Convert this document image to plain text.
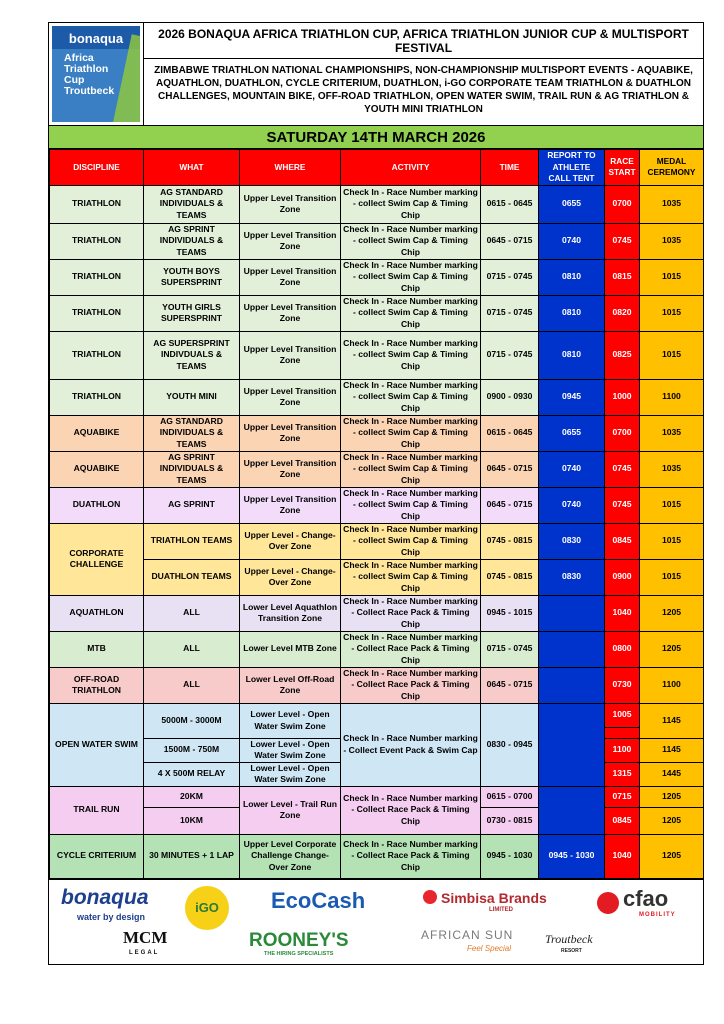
bonaqua
Africa
Triathlon
Cup
Troutbeck
2026 BONAQUA AFRICA TRIATHLON CUP, AFRICA TRIATHLON JUNIOR CUP & MULTISPORT FESTIVAL
ZIMBABWE TRIATHLON NATIONAL CHAMPIONSHIPS, NON-CHAMPIONSHIP MULTISPORT EVENTS - AQUABIKE, AQUATHLON, DUATHLON, CYCLE CRITERIUM, DUATHLON, i-GO CORPORATE TEAM TRIATHLON & DUATHLON CHALLENGES, MOUNTAIN BIKE, OFF-ROAD TRIATHLON, OPEN WATER SWIM, TRAIL RUN & AG TRIATHLON & YOUTH MINI TRIATHLON
SATURDAY 14TH MARCH 2026
DISCIPLINE	WHAT	WHERE	ACTIVITY	TIME	REPORT TO ATHLETE CALL TENT	RACE START	MEDAL CEREMONY
TRIATHLON	AG STANDARD INDIVIDUALS & TEAMS	Upper Level Transition Zone	Check In - Race Number marking - collect Swim Cap & Timing Chip	0615 - 0645	0655	0700	1035
TRIATHLON	AG SPRINT INDIVIDUALS & TEAMS	Upper Level Transition Zone	Check In - Race Number marking - collect Swim Cap & Timing Chip	0645 - 0715	0740	0745	1035
TRIATHLON	YOUTH BOYS SUPERSPRINT	Upper Level Transition Zone	Check In - Race Number marking - collect Swim Cap & Timing Chip	0715 - 0745	0810	0815	1015
TRIATHLON	YOUTH GIRLS SUPERSPRINT	Upper Level Transition Zone	Check In - Race Number marking - collect Swim Cap & Timing Chip	0715 - 0745	0810	0820	1015
TRIATHLON	AG SUPERSPRINT INDIVDUALS & TEAMS	Upper Level Transition Zone	Check In - Race Number marking - collect Swim Cap & Timing Chip	0715 - 0745	0810	0825	1015
TRIATHLON	YOUTH MINI	Upper Level Transition Zone	Check In - Race Number marking - collect Swim Cap & Timing Chip	0900 - 0930	0945	1000	1100
AQUABIKE	AG STANDARD INDIVIDUALS & TEAMS	Upper Level Transition Zone	Check In - Race Number marking - collect Swim Cap & Timing Chip	0615 - 0645	0655	0700	1035
AQUABIKE	AG SPRINT INDIVIDUALS & TEAMS	Upper Level Transition Zone	Check In - Race Number marking - collect Swim Cap & Timing Chip	0645 - 0715	0740	0745	1035
DUATHLON	AG SPRINT	Upper Level Transition Zone	Check In - Race Number marking - collect Swim Cap & Timing Chip	0645 - 0715	0740	0745	1015
CORPORATE CHALLENGE	TRIATHLON TEAMS	Upper Level - Change-Over Zone	Check In - Race Number marking - collect Swim Cap & Timing Chip	0745 - 0815	0830	0845	1015
	DUATHLON TEAMS	Upper Level - Change-Over Zone	Check In - Race Number marking - collect Swim Cap & Timing Chip	0745 - 0815	0830	0900	1015
AQUATHLON	ALL	Lower Level Aquathlon Transition Zone	Check In - Race Number marking - Collect Race Pack & Timing Chip	0945 - 1015		1040	1205
MTB	ALL	Lower Level MTB Zone	Check In - Race Number marking - Collect Race Pack & Timing Chip	0715 - 0745		0800	1205
OFF-ROAD TRIATHLON	ALL	Lower Level Off-Road Zone	Check In - Race Number marking - Collect Race Pack & Timing Chip	0645 - 0715		0730	1100
OPEN WATER SWIM	5000M - 3000M	Lower Level - Open Water Swim Zone	Check In - Race Number marking - Collect Event Pack & Swim Cap	0830 - 0945		1005	1145

	1500M - 750M	Lower Level - Open Water Swim Zone				1100	1145
	4 X 500M RELAY	Lower Level - Open Water Swim Zone				1315	1445
TRAIL RUN	20KM	Lower Level - Trail Run Zone	Check In - Race Number marking - Collect Race Pack & Timing Chip	0615 - 0700		0715	1205
	10KM			0730 - 0815		0845	1205
CYCLE CRITERIUM	30 MINUTES + 1 LAP	Upper Level Corporate Challenge Change-Over Zone	Check In - Race Number marking - Collect Race Pack & Timing Chip	0945 - 1030	0945 - 1030	1040	1205
bonaqua
water by design
iGO	EcoCash	Simbisa Brands
LIMITED	cfao
MOBILITY
MCM
LEGAL
ROONEY'S
THE HIRING SPECIALISTS
AFRICAN SUN
Feel Special
Troutbeck
RESORT
